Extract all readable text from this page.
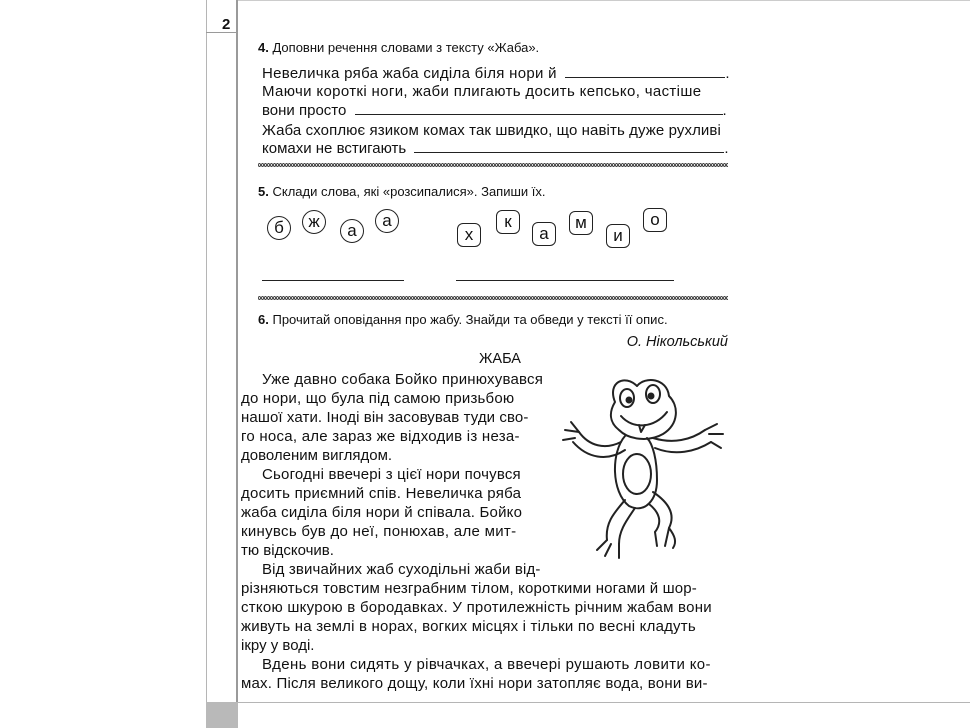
2
4. Доповни речення словами з тексту «Жаба».
Невеличка ряба жаба сиділа біля нори й	.
Маючи короткі ноги, жаби плигають досить кепсько, частіше
вони просто	.
Жаба схоплює язиком комах так швидко, що навіть дуже рухливі
комахи не встигають	.
5. Склади слова, які «розсипалися». Запиши їх.
б	ж	а
а
х
к
а
м
и
о
6. Прочитай оповідання про жабу. Знайди та обведи у тексті її опис.
О. Нікольський
ЖАБА
Уже давно собака Бойко принюхувався
до нори, що була під самою призьбою
нашої хати. Іноді він засовував туди сво-
го носа, але зараз же відходив із неза-
доволеним виглядом.
Сьогодні ввечері з цієї нори почувся
досить приємний спів. Невеличка ряба
жаба сиділа біля нори й співала. Бойко
кинувсь був до неї, понюхав, але мит-
тю відскочив.
Від звичайних жаб суходільні жаби від-
різняються товстим незграбним тілом, короткими ногами й шор-
сткою шкурою в бородавках. У протилежність річним жабам вони
живуть на землі в норах, вогких місцях і тільки по весні кладуть
ікру у воді.
Вдень вони сидять у рівчачках, а ввечері рушають ловити ко-
мах. Після великого дощу, коли їхні нори затопляє вода, вони ви-
